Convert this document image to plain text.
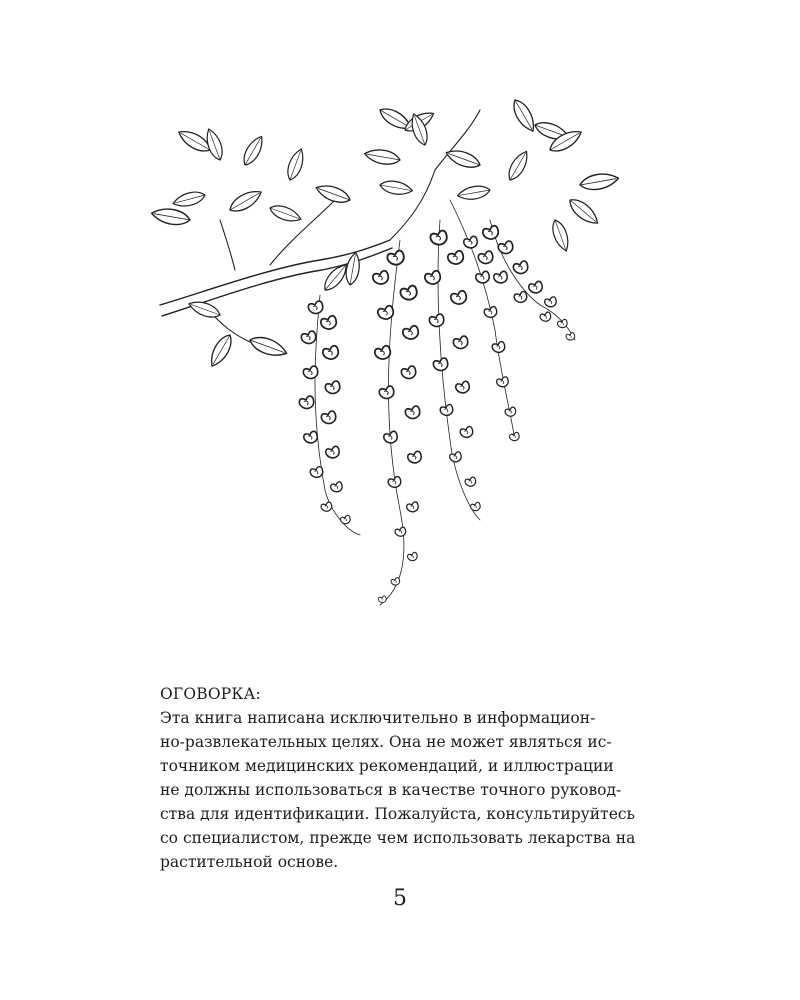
ОГОВОРКА:

Эта книга написана исключительно в информацион-

но-развлекательных целях. Она не может являться ис-

точником медицинских рекомендаций, и иллюстрации

не должны использоваться в качестве точного руковод-

ства для идентификации. Пожалуйста, консультируйтесь

со специалистом, прежде чем использовать лекарства на

растительной основе.

5
